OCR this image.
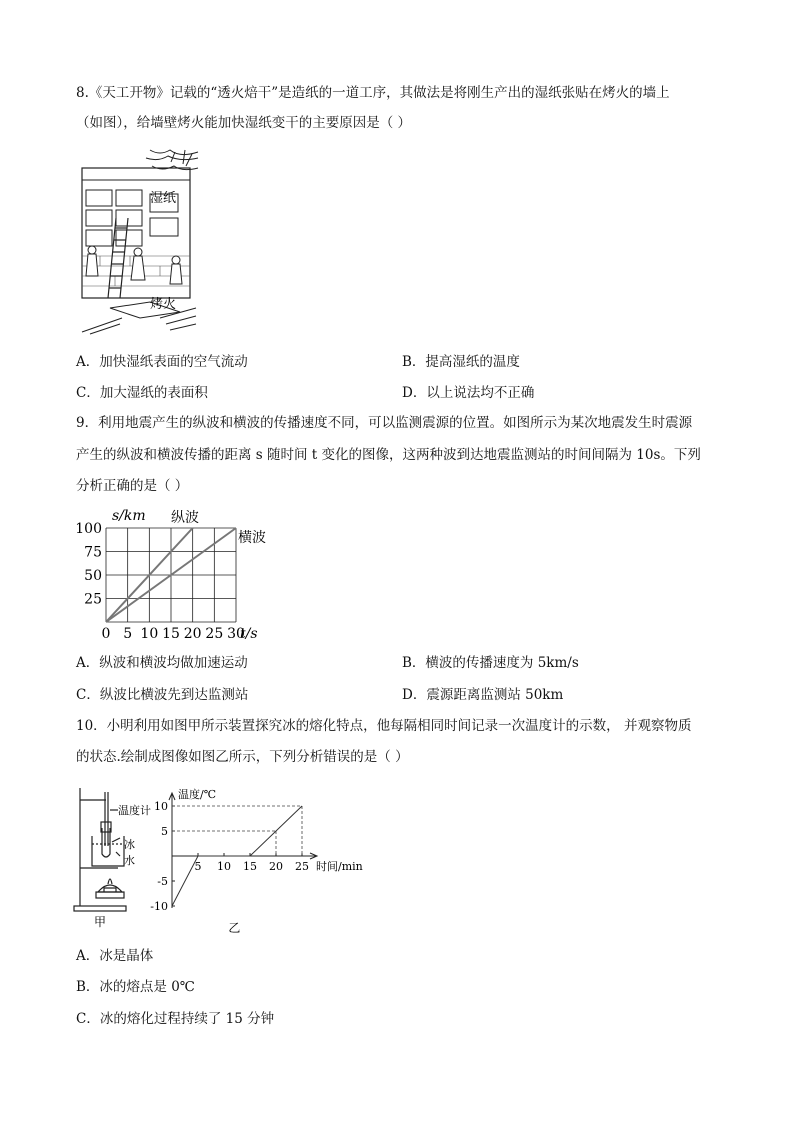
8.《天工开物》记载的“透火焙干”是造纸的一道工序，其做法是将刚生产出的湿纸张贴在烤火的墙上
（如图），给墙壁烤火能加快湿纸变干的主要原因是（ ）
湿纸
烤火
A．加快湿纸表面的空气流动	B．提高湿纸的温度
C．加大湿纸的表面积	D．以上说法均不正确
9．利用地震产生的纵波和横波的传播速度不同，可以监测震源的位置。如图所示为某次地震发生时震源
产生的纵波和横波传播的距离 s 随时间 t 变化的图像，这两种波到达地震监测站的时间间隔为 10s。下列
分析正确的是（ ）
0 5 10 15 20 25 30
25
50
75
100
s/km
t/s
纵波
横波
A．纵波和横波均做加速运动	B．横波的传播速度为 5km/s
C．纵波比横波先到达监测站	D．震源距离监测站 50km
10．小明利用如图甲所示装置探究冰的熔化特点，他每隔相同时间记录一次温度计的示数， 并观察物质
的状态.绘制成图像如图乙所示，下列分析错误的是（ ）
温度计
冰
水
甲
温度/℃
时间/min
5 10 15 20 25
10
5
-5
-10
乙
A．冰是晶体
B．冰的熔点是 0℃
C．冰的熔化过程持续了 15 分钟
